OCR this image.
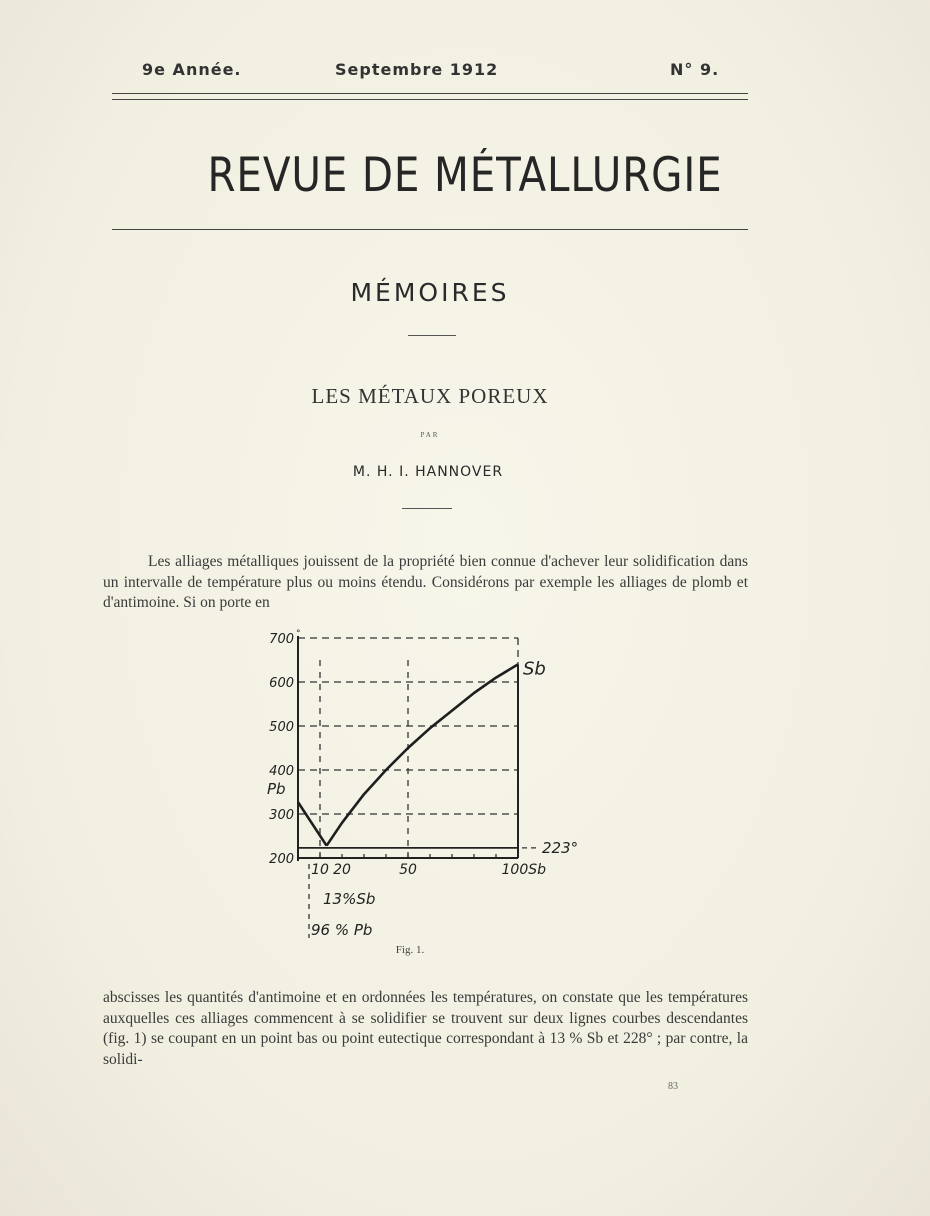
9e Année.	Septembre 1912	N° 9.
REVUE DE MÉTALLURGIE
MÉMOIRES
LES MÉTAUX POREUX
PAR
M. H. I. HANNOVER

Les alliages métalliques jouissent de la propriété bien connue d'achever leur solidification dans un intervalle de température plus ou moins étendu. Considérons par exemple les alliages de plomb et d'antimoine. Si on porte en

700
600
500
400
300
200
°
10 20	50	100Sb
Pb
Sb
223°
13%Sb
96 % Pb
Fig. 1.

abscisses les quantités d'antimoine et en ordonnées les températures, on constate que les températures auxquelles ces alliages commencent à se solidifier se trouvent sur deux lignes courbes descendantes (fig. 1) se coupant en un point bas ou point eutectique correspondant à 13 % Sb et 228° ; par contre, la solidi-

83
